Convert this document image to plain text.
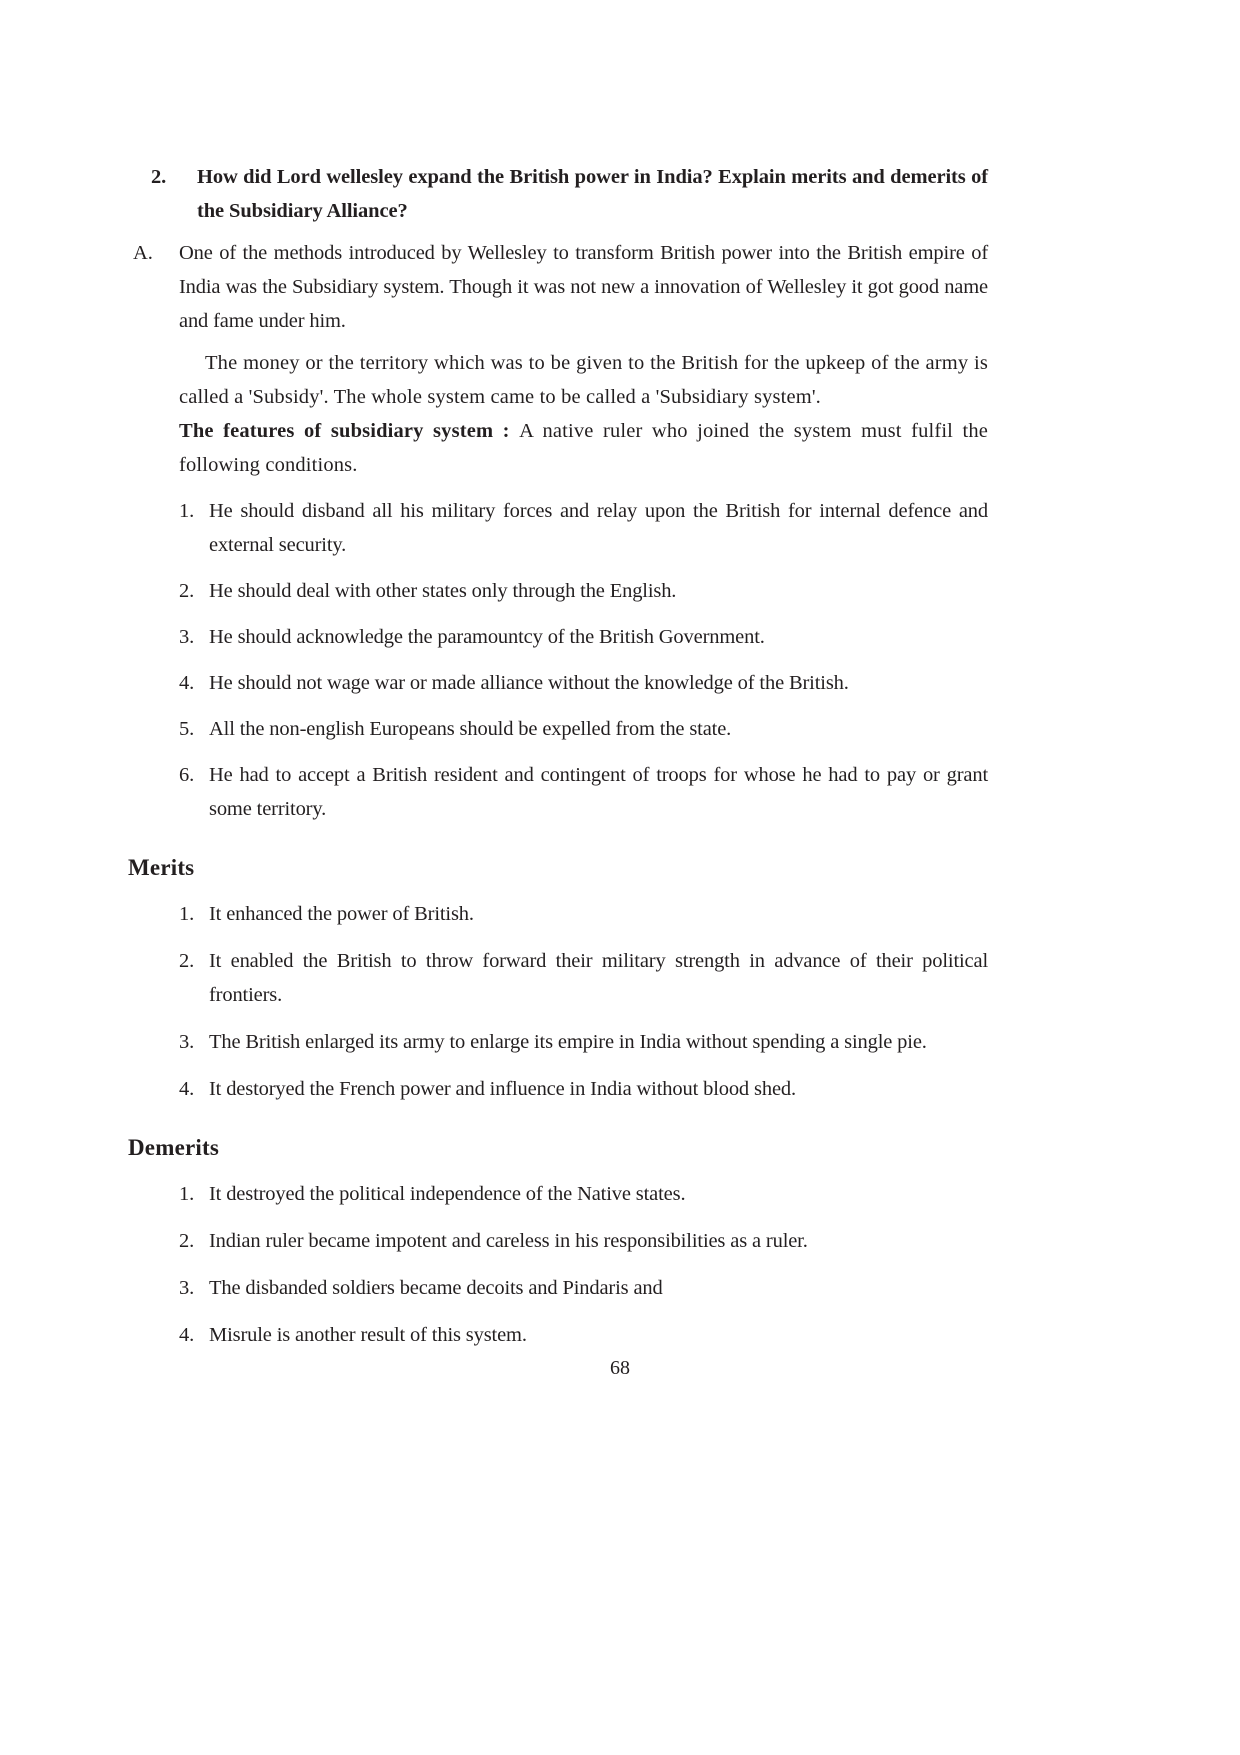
2.	How did Lord wellesley expand the British power in India? Explain merits and demerits of the Subsidiary Alliance?
A.	One of the methods introduced by Wellesley to transform British power into the British empire of India was the Subsidiary system. Though it was not new a innovation of Wellesley it got good name and fame under him.

The money or the territory which was to be given to the British for the upkeep of the army is called a 'Subsidy'. The whole system came to be called a 'Subsidiary system'.

The features of subsidiary system : A native ruler who joined the system must fulfil the following conditions.

1. He should disband all his military forces and relay upon the British for internal defence and external security.
2. He should deal with other states only through the English.
3. He should acknowledge the paramountcy of the British Government.
4. He should not wage war or made alliance without the knowledge of the British.
5. All the non-english Europeans should be expelled from the state.
6. He had to accept a British resident and contingent of troops for whose he had to pay or grant some territory.
Merits
1. It enhanced the power of British.
2. It enabled the British to throw forward their military strength in advance of their political frontiers.
3. The British enlarged its army to enlarge its empire in India without spending a single pie.
4. It destoryed the French power and influence in India without blood shed.
Demerits
1. It destroyed the political independence of the Native states.
2. Indian ruler became impotent and careless in his responsibilities as a ruler.
3. The disbanded soldiers became decoits and Pindaris and
4. Misrule is another result of this system.
68
